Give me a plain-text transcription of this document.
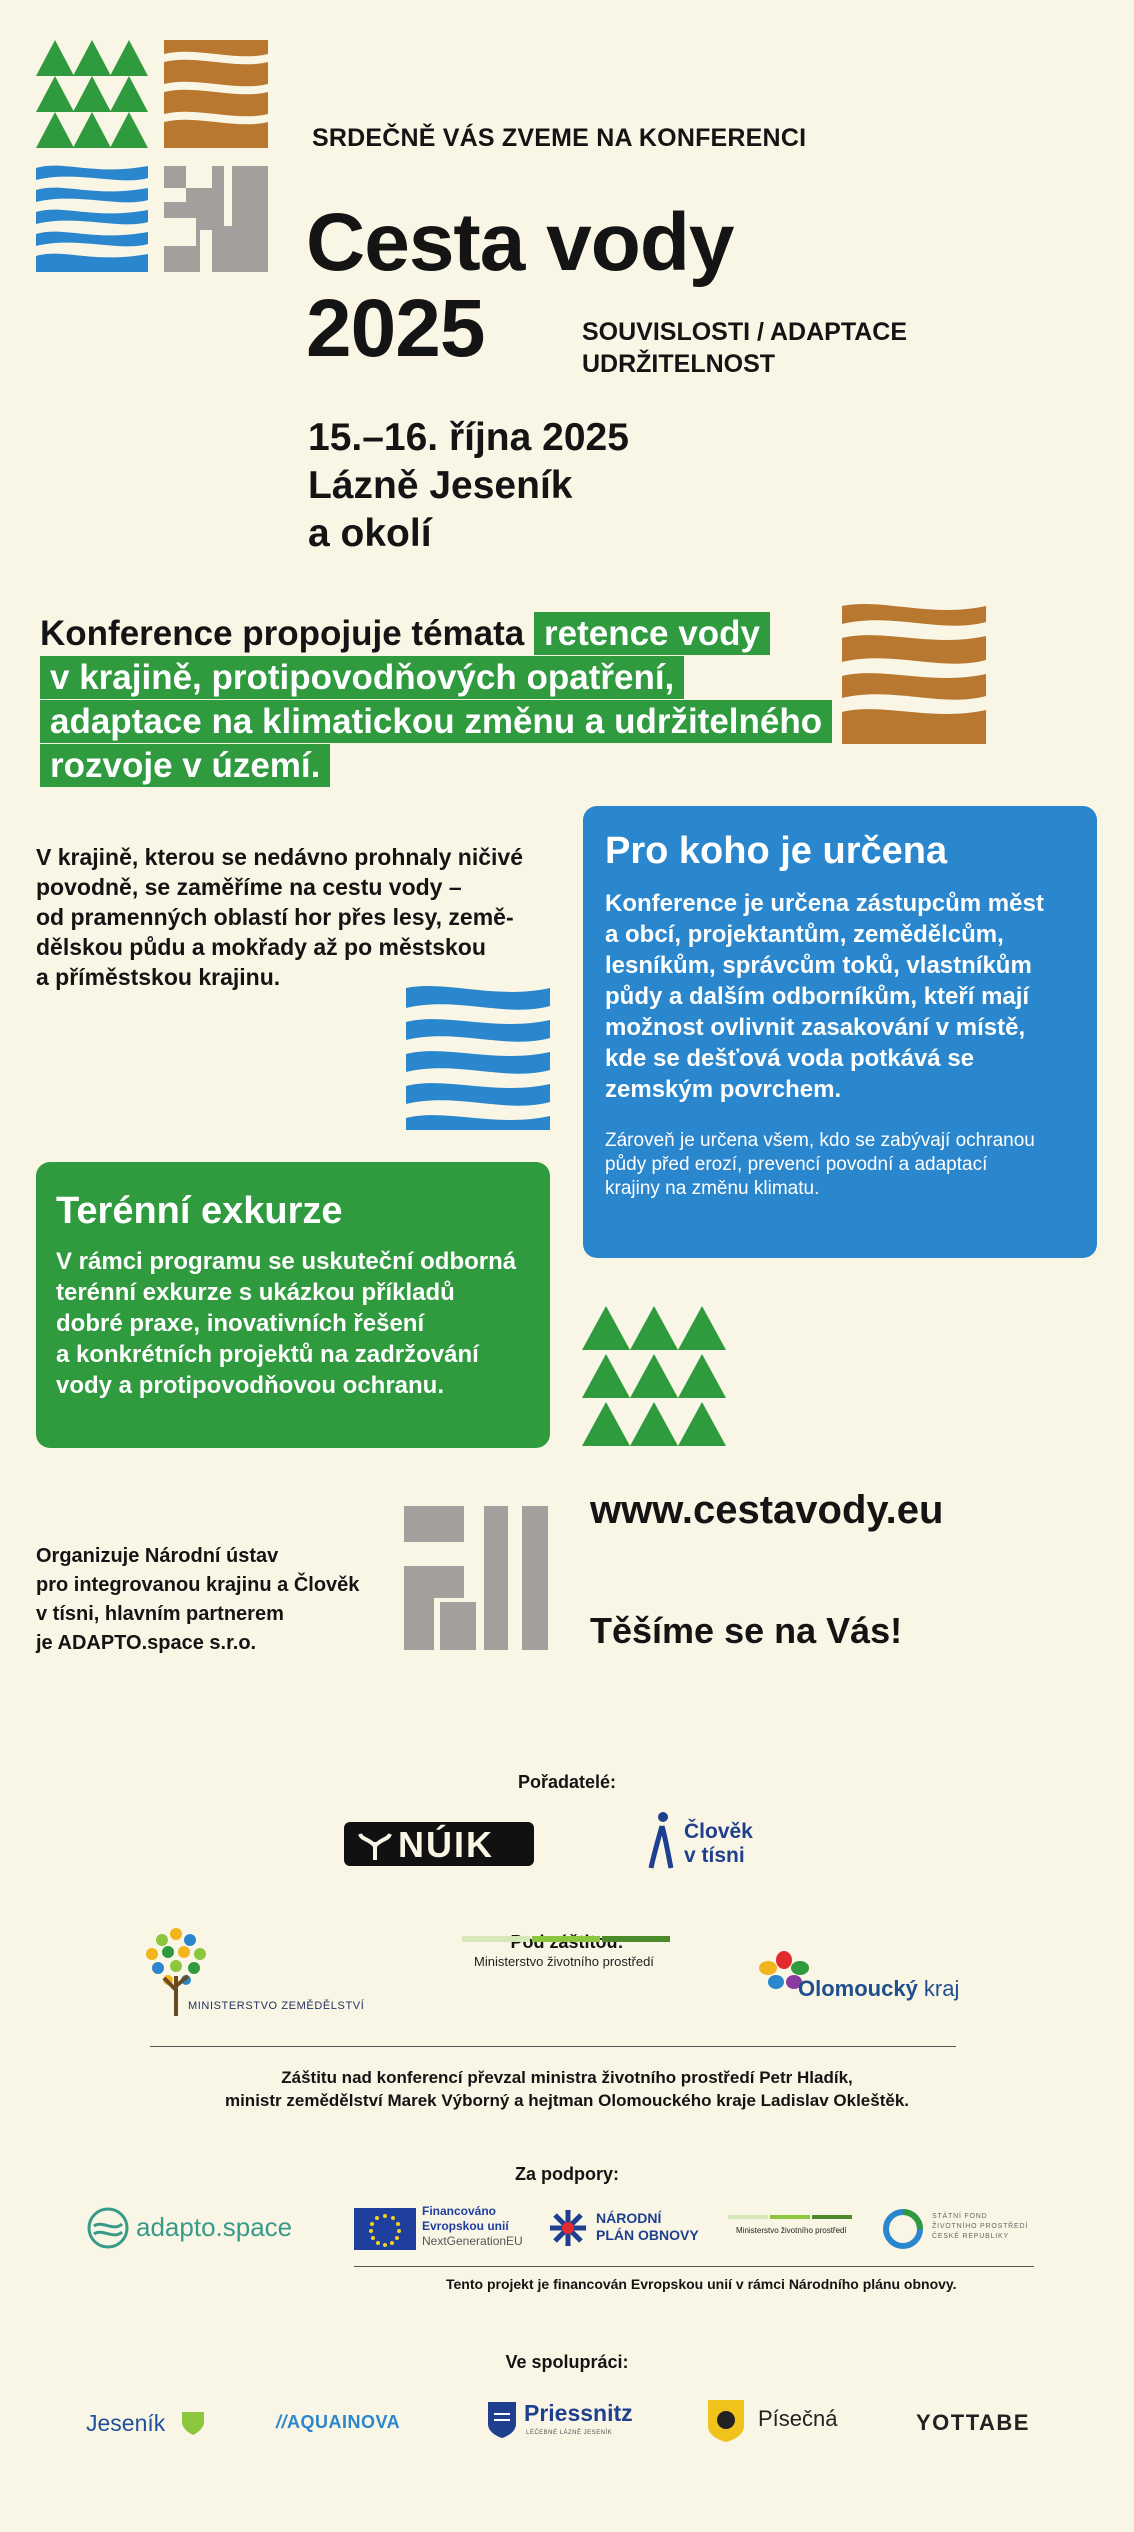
SRDEČNĚ VÁS ZVEME NA KONFERENCI
Cesta vody
2025	SOUVISLOSTI / ADAPTACE
UDRŽITELNOST
15.–16. října 2025
Lázně Jeseník
a okolí
Konference propojuje témata retence vody
v krajině, protipovodňových opatření,
adaptace na klimatickou změnu a udržitelného
rozvoje v území.
V krajině, kterou se nedávno prohnaly ničivé
povodně, se zaměříme na cestu vody –
od pramenných oblastí hor přes lesy, země-
dělskou půdu a mokřady až po městskou
a příměstskou krajinu.
Pro koho je určena
Konference je určena zástupcům měst
a obcí, projektantům, zemědělcům,
lesníkům, správcům toků, vlastníkům
půdy a dalším odborníkům, kteří mají
možnost ovlivnit zasakování v místě,
kde se dešťová voda potkává se
zemským povrchem.
Zároveň je určena všem, kdo se zabývají ochranou
půdy před erozí, prevencí povodní a adaptací
krajiny na změnu klimatu.
Terénní exkurze
V rámci programu se uskuteční odborná
terénní exkurze s ukázkou příkladů
dobré praxe, inovativních řešení
a konkrétních projektů na zadržování
vody a protipovodňovou ochranu.
Organizuje Národní ústav
pro integrovanou krajinu a Člověk
v tísni, hlavním partnerem
je ADAPTO.space s.r.o.
www.cestavody.eu
Těšíme se na Vás!
Pořadatelé:
NÚIK	Člověk
v tísni
MINISTERSTVO ZEMĚDĚLSTVÍ
Ministerstvo životního prostředí
Olomoucký kraj
Záštitu nad konferencí převzal ministra životního prostředí Petr Hladík,
ministr zemědělství Marek Výborný a hejtman Olomouckého kraje Ladislav Okleštěk.
Za podpory:
adapto.space
Financováno
Evropskou unií
NextGenerationEU
NÁRODNÍ
PLÁN OBNOVY	Ministerstvo životního prostředí
STÁTNÍ FOND
ŽIVOTNÍHO PROSTŘEDÍ
ČESKÉ REPUBLIKY
Tento projekt je financován Evropskou unií v rámci Národního plánu obnovy.
Ve spolupráci:
Jeseník	//AQUAINOVA	Priessnitz
LÉČEBNÉ LÁZNĚ JESENÍK
Písečná	YOTTABE
